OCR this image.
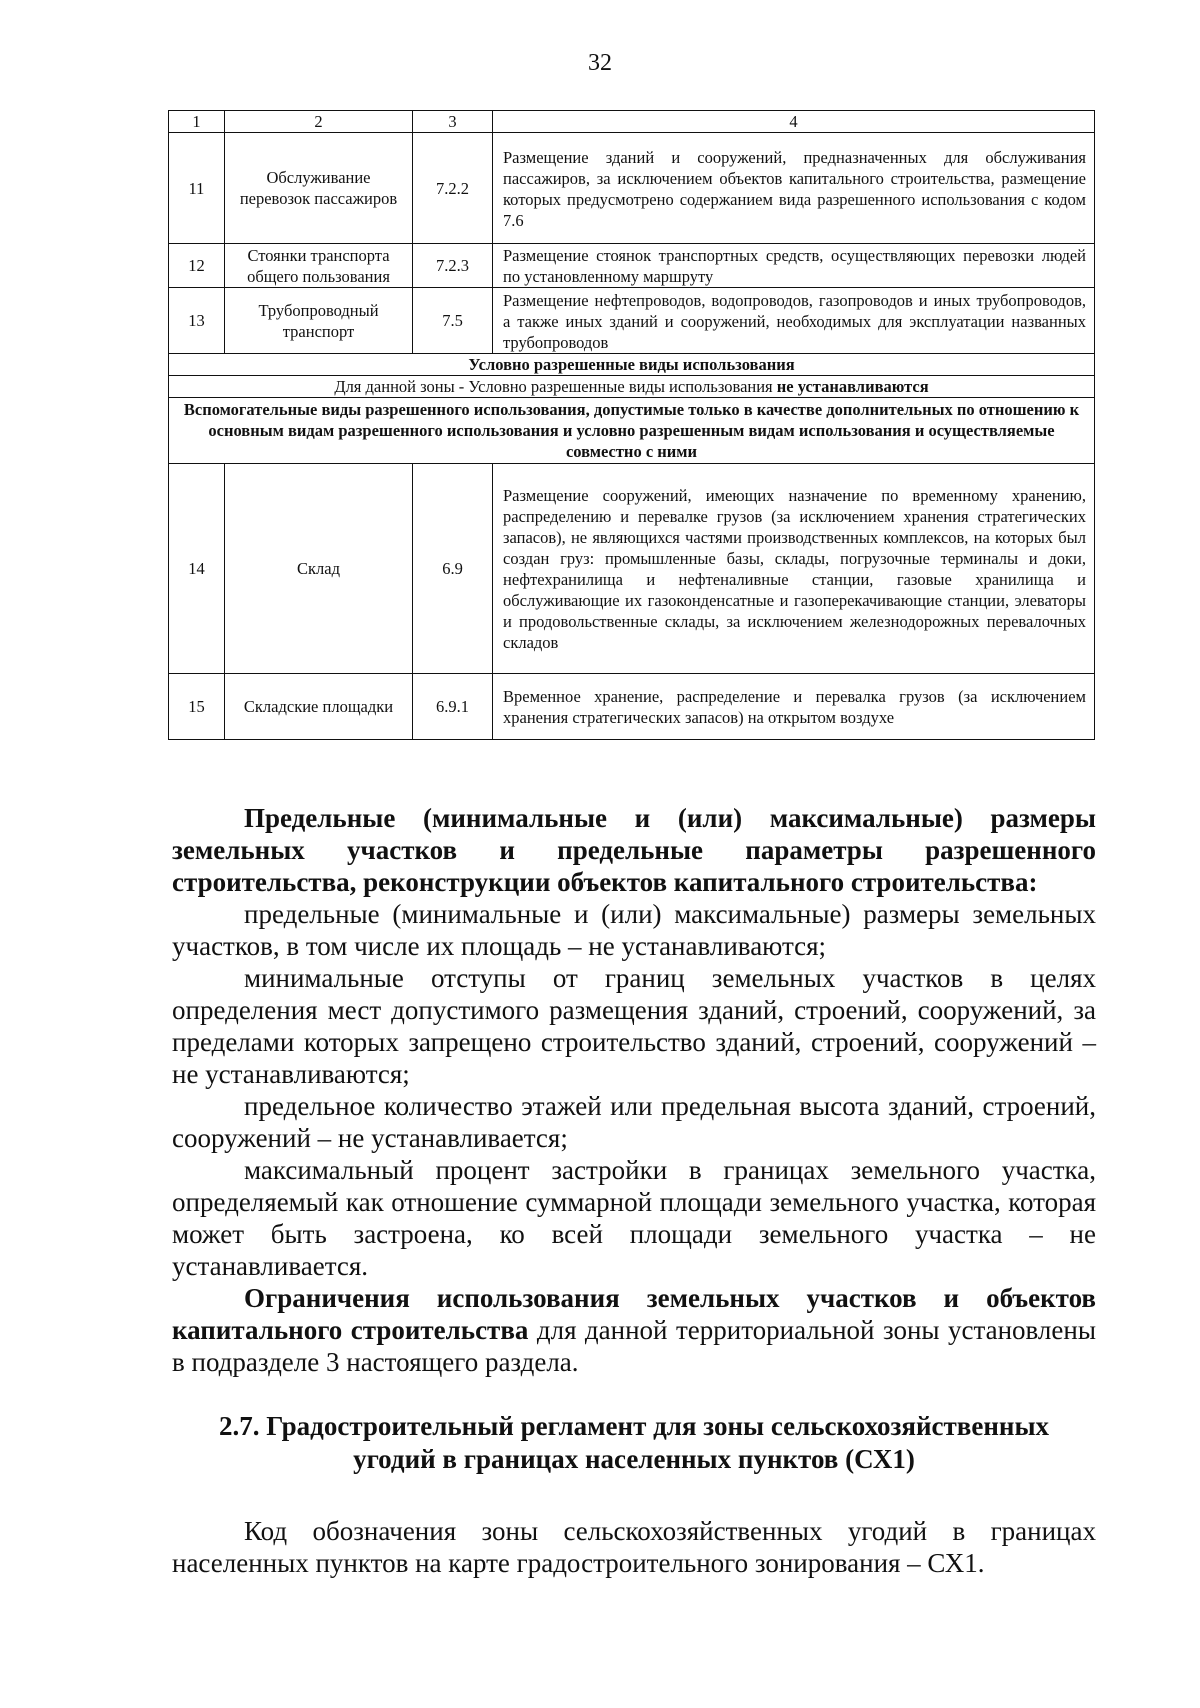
32
1	2	3	4
11	Обслуживание перевозок пассажиров	7.2.2	Размещение зданий и сооружений, предназначенных для обслуживания пассажиров, за исключением объектов капитального строительства, размещение которых предусмотрено содержанием вида разрешенного использования с кодом 7.6
12	Стоянки транспорта общего пользования	7.2.3	Размещение стоянок транспортных средств, осуществляющих перевозки людей по установленному маршруту
13	Трубопроводный транспорт	7.5	Размещение нефтепроводов, водопроводов, газопроводов и иных трубопроводов, а также иных зданий и сооружений, необходимых для эксплуатации названных трубопроводов
Условно разрешенные виды использования			
Для данной зоны - Условно разрешенные виды использования не устанавливаются			
Вспомогательные виды разрешенного использования, допустимые только в качестве дополнительных по отношению к основным видам разрешенного использования и условно разрешенным видам использования и осуществляемые совместно с ними			
14	Склад	6.9	Размещение сооружений, имеющих назначение по временному хранению, распределению и перевалке грузов (за исключением хранения стратегических запасов), не являющихся частями производственных комплексов, на которых был создан груз: промышленные базы, склады, погрузочные терминалы и доки, нефтехранилища и нефтеналивные станции, газовые хранилища и обслуживающие их газоконденсатные и газоперекачивающие станции, элеваторы и продовольственные склады, за исключением железнодорожных перевалочных складов
15	Складские площадки	6.9.1	Временное хранение, распределение и перевалка грузов (за исключением хранения стратегических запасов) на открытом воздухе

Предельные (минимальные и (или) максимальные) размеры земельных участков и предельные параметры разрешенного строительства, реконструкции объектов капитального строительства:

предельные (минимальные и (или) максимальные) размеры земельных участков, в том числе их площадь – не устанавливаются;

минимальные отступы от границ земельных участков в целях определения мест допустимого размещения зданий, строений, сооружений, за пределами которых запрещено строительство зданий, строений, сооружений – не устанавливаются;

предельное количество этажей или предельная высота зданий, строений, сооружений – не устанавливается;

максимальный процент застройки в границах земельного участка, определяемый как отношение суммарной площади земельного участка, которая может быть застроена, ко всей площади земельного участка – не устанавливается.

Ограничения использования земельных участков и объектов капитального строительства для данной территориальной зоны установлены в подразделе 3 настоящего раздела.

2.7. Градостроительный регламент для зоны сельскохозяйственных
угодий в границах населенных пунктов (СХ1)

Код обозначения зоны сельскохозяйственных угодий в границах населенных пунктов на карте градостроительного зонирования – СХ1.
